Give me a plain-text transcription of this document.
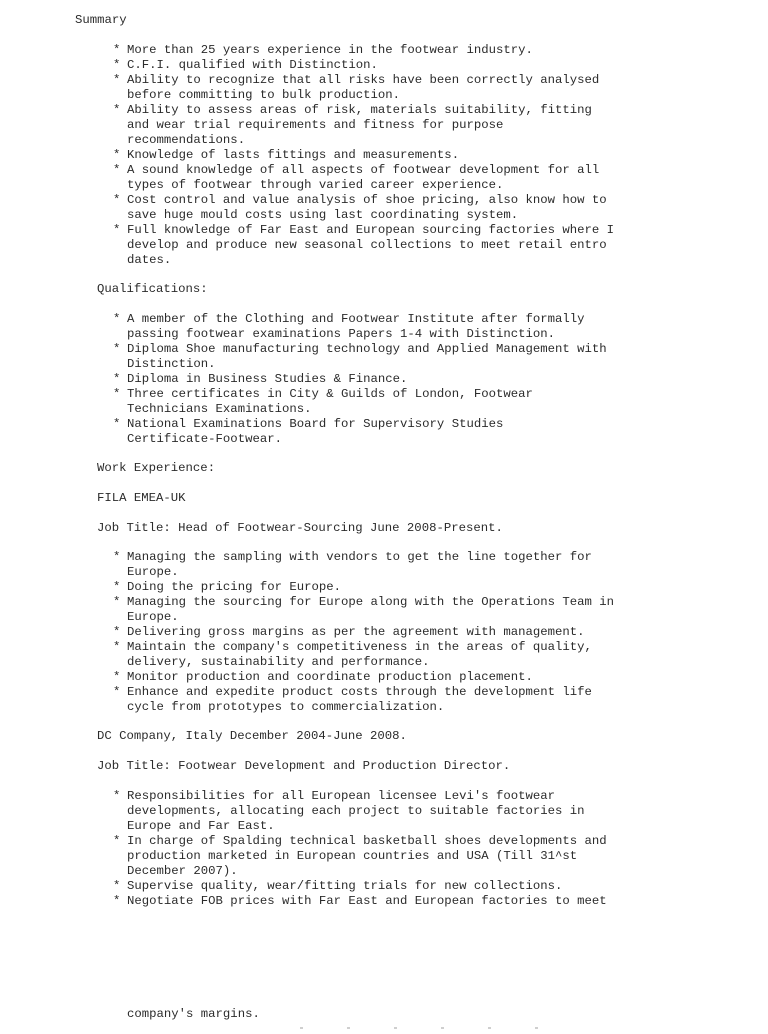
Summary
* More than 25 years experience in the footwear industry.
* C.F.I. qualified with Distinction.
* Ability to recognize that all risks have been correctly analysed
before committing to bulk production.
* Ability to assess areas of risk, materials suitability, fitting
and wear trial requirements and fitness for purpose
recommendations.
* Knowledge of lasts fittings and measurements.
* A sound knowledge of all aspects of footwear development for all
types of footwear through varied career experience.
* Cost control and value analysis of shoe pricing, also know how to
save huge mould costs using last coordinating system.
* Full knowledge of Far East and European sourcing factories where I
develop and produce new seasonal collections to meet retail entro
dates.
Qualifications:
* A member of the Clothing and Footwear Institute after formally
passing footwear examinations Papers 1-4 with Distinction.
* Diploma Shoe manufacturing technology and Applied Management with
Distinction.
* Diploma in Business Studies & Finance.
* Three certificates in City & Guilds of London, Footwear
Technicians Examinations.
* National Examinations Board for Supervisory Studies
Certificate-Footwear.
Work Experience:
FILA EMEA-UK
Job Title: Head of Footwear-Sourcing June 2008-Present.
* Managing the sampling with vendors to get the line together for
Europe.
* Doing the pricing for Europe.
* Managing the sourcing for Europe along with the Operations Team in
Europe.
* Delivering gross margins as per the agreement with management.
* Maintain the company's competitiveness in the areas of quality,
delivery, sustainability and performance.
* Monitor production and coordinate production placement.
* Enhance and expedite product costs through the development life
cycle from prototypes to commercialization.
DC Company, Italy December 2004-June 2008.
Job Title: Footwear Development and Production Director.
* Responsibilities for all European licensee Levi's footwear
developments, allocating each project to suitable factories in
Europe and Far East.
* In charge of Spalding technical basketball shoes developments and
production marketed in European countries and USA (Till 31^st
December 2007).
* Supervise quality, wear/fitting trials for new collections.
* Negotiate FOB prices with Far East and European factories to meet
company's margins.
